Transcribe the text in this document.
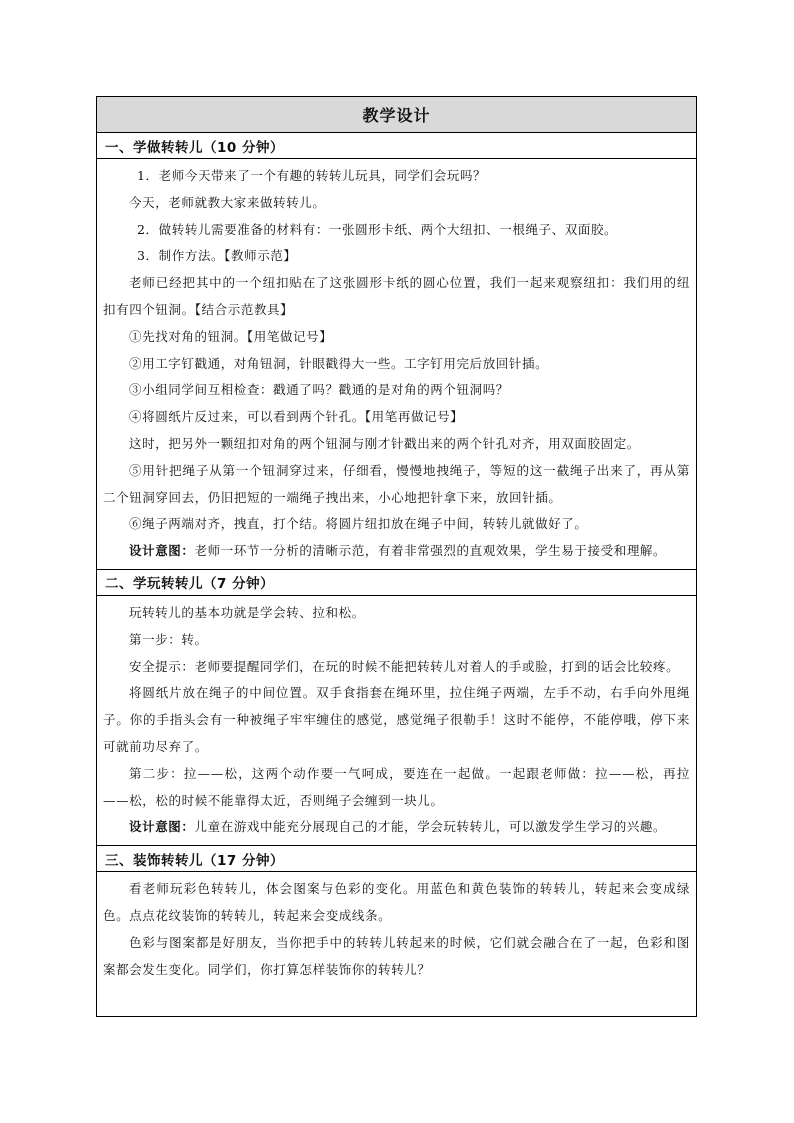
教学设计
一、学做转转儿（10 分钟）

1．老师今天带来了一个有趣的转转儿玩具，同学们会玩吗？

今天，老师就教大家来做转转儿。

2．做转转儿需要准备的材料有：一张圆形卡纸、两个大纽扣、一根绳子、双面胶。

3．制作方法。【教师示范】

老师已经把其中的一个纽扣贴在了这张圆形卡纸的圆心位置，我们一起来观察纽扣：我们用的纽扣有四个钮洞。【结合示范教具】

①先找对角的钮洞。【用笔做记号】

②用工字钉戳通，对角钮洞，针眼戳得大一些。工字钉用完后放回针插。

③小组同学间互相检查：戳通了吗？戳通的是对角的两个钮洞吗？

④将圆纸片反过来，可以看到两个针孔。【用笔再做记号】

这时，把另外一颗纽扣对角的两个钮洞与刚才针戳出来的两个针孔对齐，用双面胶固定。

⑤用针把绳子从第一个钮洞穿过来，仔细看，慢慢地拽绳子，等短的这一截绳子出来了，再从第二个钮洞穿回去，仍旧把短的一端绳子拽出来，小心地把针拿下来，放回针插。

⑥绳子两端对齐，拽直，打个结。将圆片纽扣放在绳子中间，转转儿就做好了。

设计意图：老师一环节一分析的清晰示范，有着非常强烈的直观效果，学生易于接受和理解。

二、学玩转转儿（7 分钟）

玩转转儿的基本功就是学会转、拉和松。

第一步：转。

安全提示：老师要提醒同学们，在玩的时候不能把转转儿对着人的手或脸，打到的话会比较疼。

将圆纸片放在绳子的中间位置。双手食指套在绳环里，拉住绳子两端，左手不动，右手向外甩绳子。你的手指头会有一种被绳子牢牢缠住的感觉，感觉绳子很勒手！这时不能停，不能停哦，停下来可就前功尽弃了。

第二步：拉——松，这两个动作要一气呵成，要连在一起做。一起跟老师做：拉——松，再拉——松，松的时候不能靠得太近，否则绳子会缠到一块儿。

设计意图：儿童在游戏中能充分展现自己的才能，学会玩转转儿，可以激发学生学习的兴趣。

三、装饰转转儿（17 分钟）

看老师玩彩色转转儿，体会图案与色彩的变化。用蓝色和黄色装饰的转转儿，转起来会变成绿色。点点花纹装饰的转转儿，转起来会变成线条。

色彩与图案都是好朋友，当你把手中的转转儿转起来的时候，它们就会融合在了一起，色彩和图案都会发生变化。同学们，你打算怎样装饰你的转转儿？
